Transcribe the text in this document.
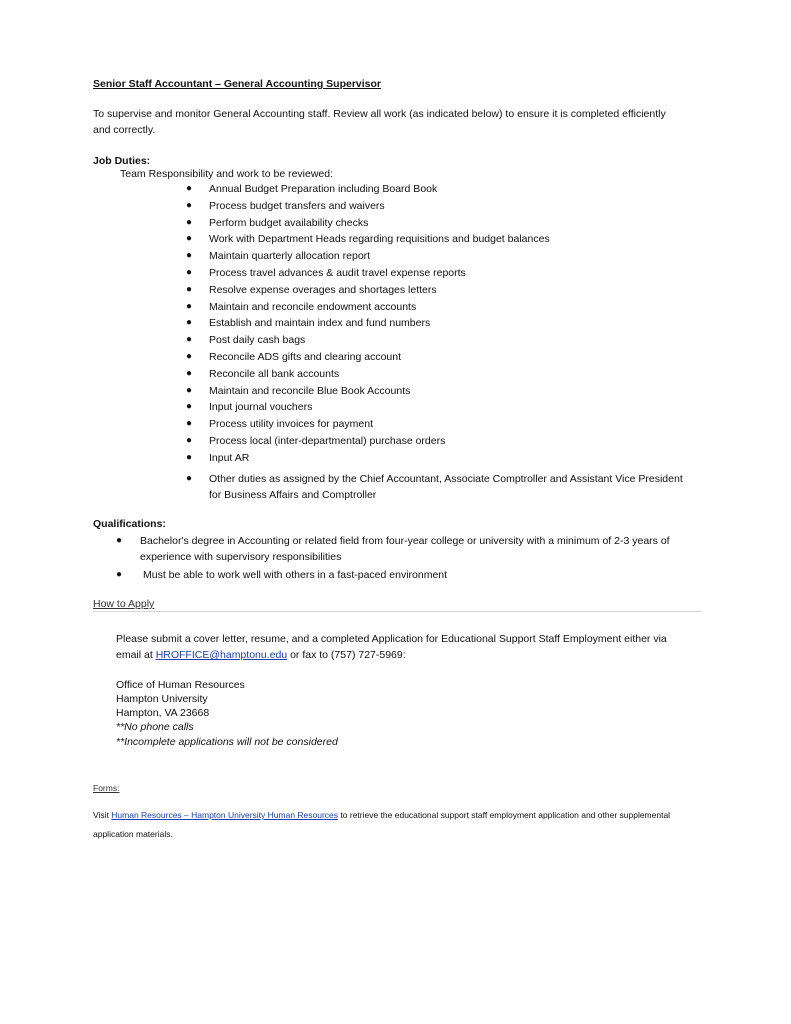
Senior Staff Accountant – General Accounting Supervisor
To supervise and monitor General Accounting staff. Review all work (as indicated below) to ensure it is completed efficiently
and correctly.
Job Duties:
Team Responsibility and work to be reviewed:
● Annual Budget Preparation including Board Book
● Process budget transfers and waivers
● Perform budget availability checks
● Work with Department Heads regarding requisitions and budget balances
● Maintain quarterly allocation report
● Process travel advances & audit travel expense reports
● Resolve expense overages and shortages letters
● Maintain and reconcile endowment accounts
● Establish and maintain index and fund numbers
● Post daily cash bags
● Reconcile ADS gifts and clearing account
● Reconcile all bank accounts
● Maintain and reconcile Blue Book Accounts
● Input journal vouchers
● Process utility invoices for payment
● Process local (inter-departmental) purchase orders
● Input AR
● Other duties as assigned by the Chief Accountant, Associate Comptroller and Assistant Vice President
for Business Affairs and Comptroller
Qualifications:
● Bachelor's degree in Accounting or related field from four-year college or university with a minimum of 2-3 years of
experience with supervisory responsibilities
● Must be able to work well with others in a fast-paced environment
How to Apply
Please submit a cover letter, resume, and a completed Application for Educational Support Staff Employment either via
email at HROFFICE@hamptonu.edu or fax to (757) 727-5969:
Office of Human Resources
Hampton University
Hampton, VA 23668
**No phone calls
**Incomplete applications will not be considered
Forms:
Visit Human Resources – Hampton University Human Resources to retrieve the educational support staff employment application and other supplemental
application materials.
